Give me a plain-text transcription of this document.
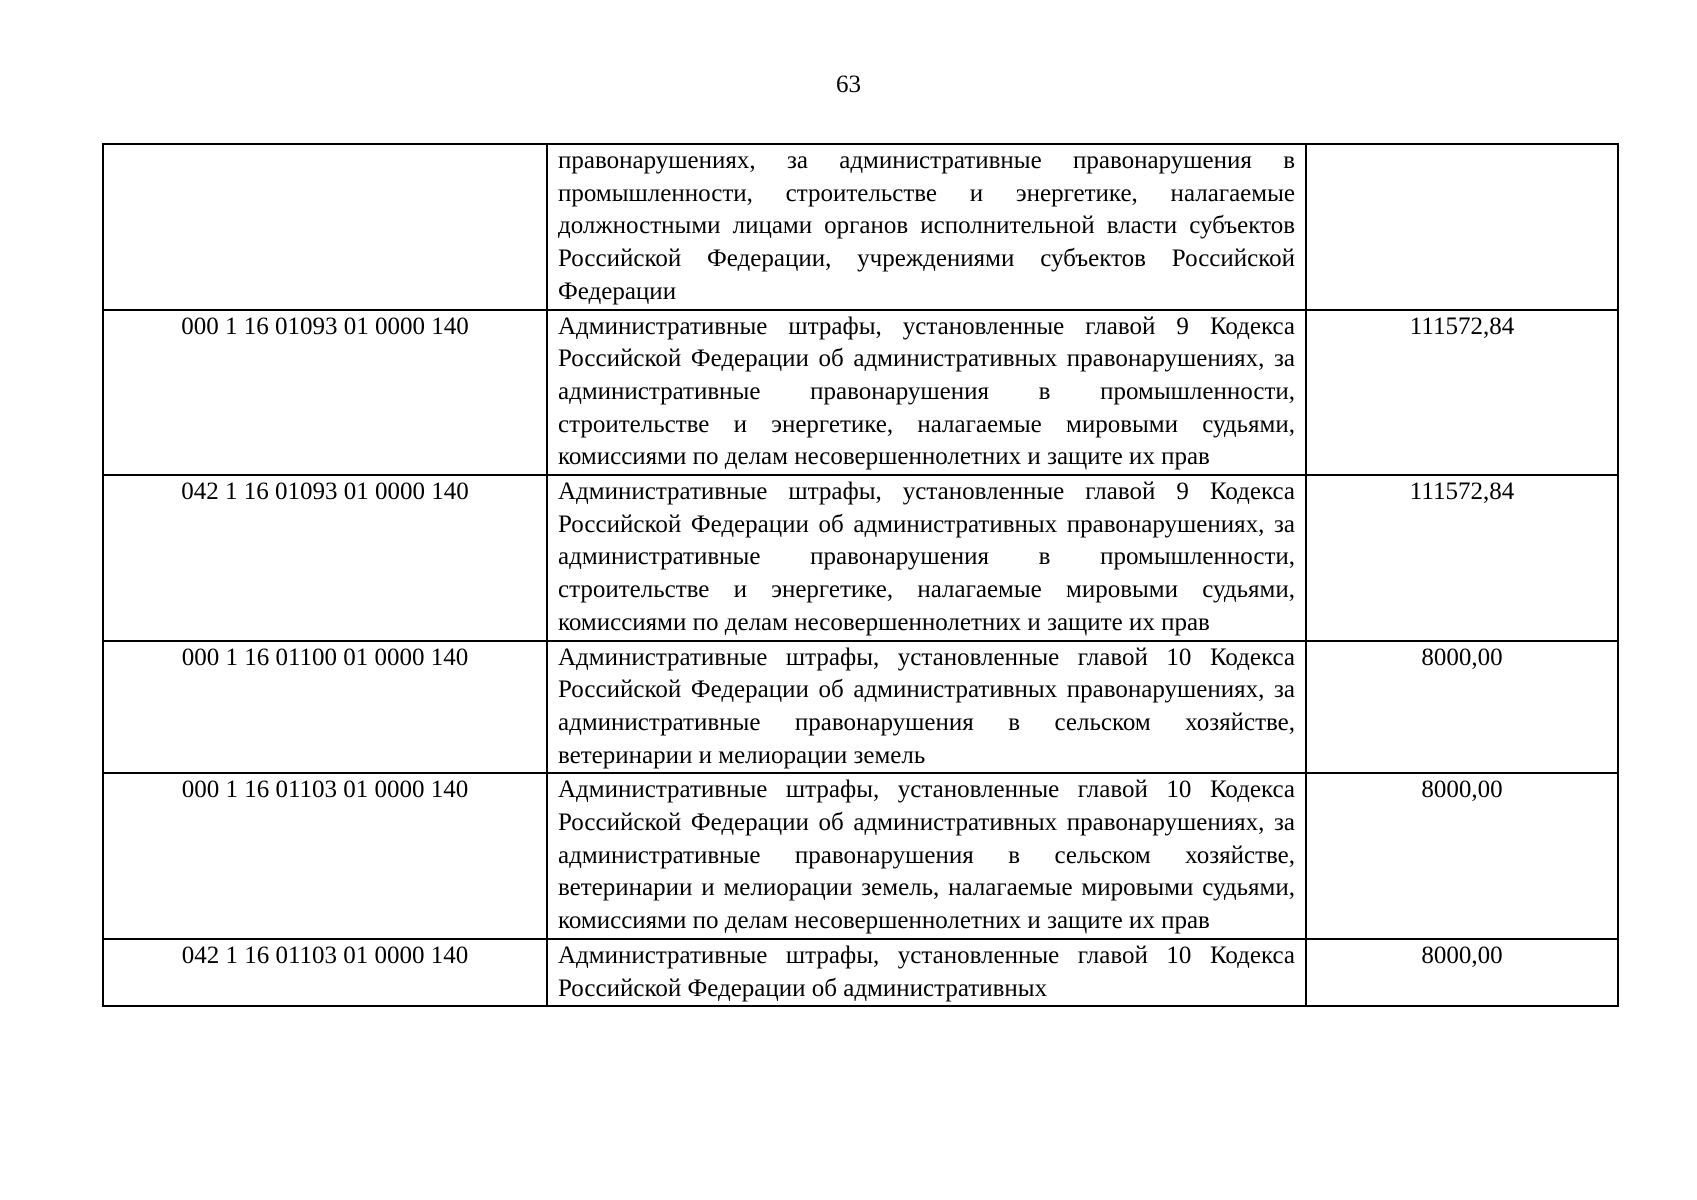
63
	правонарушениях, за административные правонарушения в промышленности, строительстве и энергетике, налагаемые должностными лицами органов исполнительной власти субъектов Российской Федерации, учреждениями субъектов Российской Федерации	
000 1 16 01093 01 0000 140	Административные штрафы, установленные главой 9 Кодекса Российской Федерации об административных правонарушениях, за административные правонарушения в промышленности, строительстве и энергетике, налагаемые мировыми судьями, комиссиями по делам несовершеннолетних и защите их прав	111572,84
042 1 16 01093 01 0000 140	Административные штрафы, установленные главой 9 Кодекса Российской Федерации об административных правонарушениях, за административные правонарушения в промышленности, строительстве и энергетике, налагаемые мировыми судьями, комиссиями по делам несовершеннолетних и защите их прав	111572,84
000 1 16 01100 01 0000 140	Административные штрафы, установленные главой 10 Кодекса Российской Федерации об административных правонарушениях, за административные правонарушения в сельском хозяйстве, ветеринарии и мелиорации земель	8000,00
000 1 16 01103 01 0000 140	Административные штрафы, установленные главой 10 Кодекса Российской Федерации об административных правонарушениях, за административные правонарушения в сельском хозяйстве, ветеринарии и мелиорации земель, налагаемые мировыми судьями, комиссиями по делам несовершеннолетних и защите их прав	8000,00
042 1 16 01103 01 0000 140	Административные штрафы, установленные главой 10 Кодекса Российской Федерации об административных	8000,00
